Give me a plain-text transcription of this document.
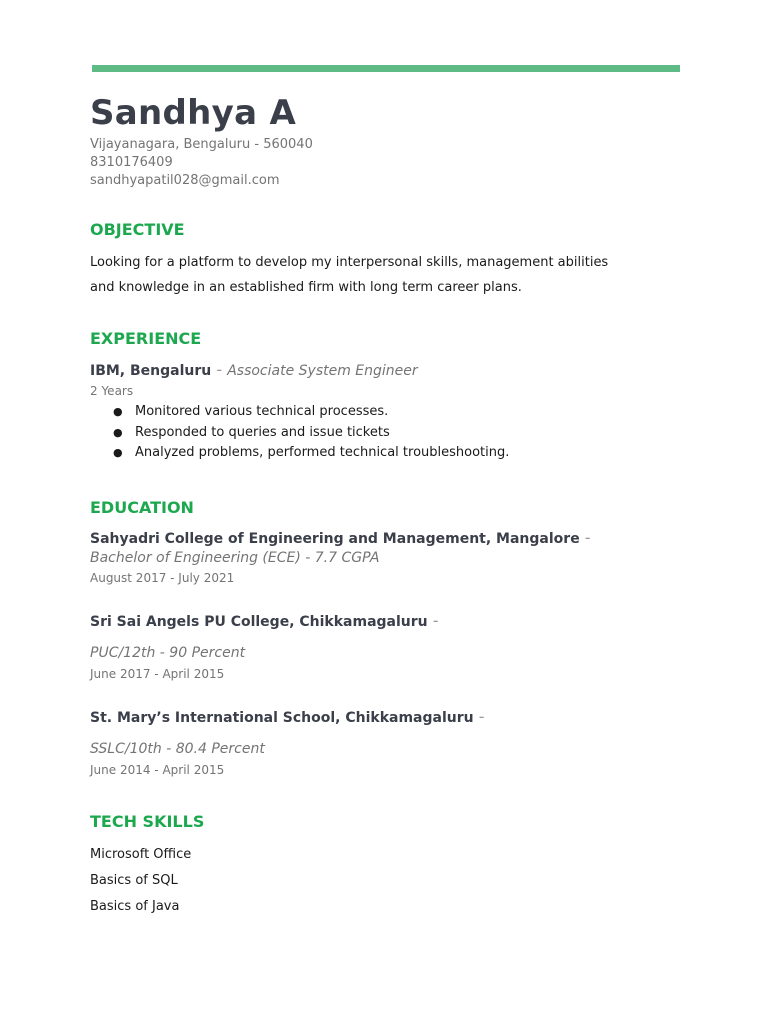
Sandhya A
Vijayanagara, Bengaluru - 560040
8310176409
sandhyapatil028@gmail.com
OBJECTIVE
Looking for a platform to develop my interpersonal skills, management abilities
and knowledge in an established firm with long term career plans.
EXPERIENCE
IBM, Bengaluru - Associate System Engineer
2 Years
● Monitored various technical processes.
● Responded to queries and issue tickets
● Analyzed problems, performed technical troubleshooting.
EDUCATION
Sahyadri College of Engineering and Management, Mangalore -
Bachelor of Engineering (ECE) - 7.7 CGPA
August 2017 - July 2021
Sri Sai Angels PU College, Chikkamagaluru -
PUC/12th - 90 Percent
June 2017 - April 2015
St. Mary’s International School, Chikkamagaluru -
SSLC/10th - 80.4 Percent
June 2014 - April 2015
TECH SKILLS
Microsoft Office
Basics of SQL
Basics of Java
